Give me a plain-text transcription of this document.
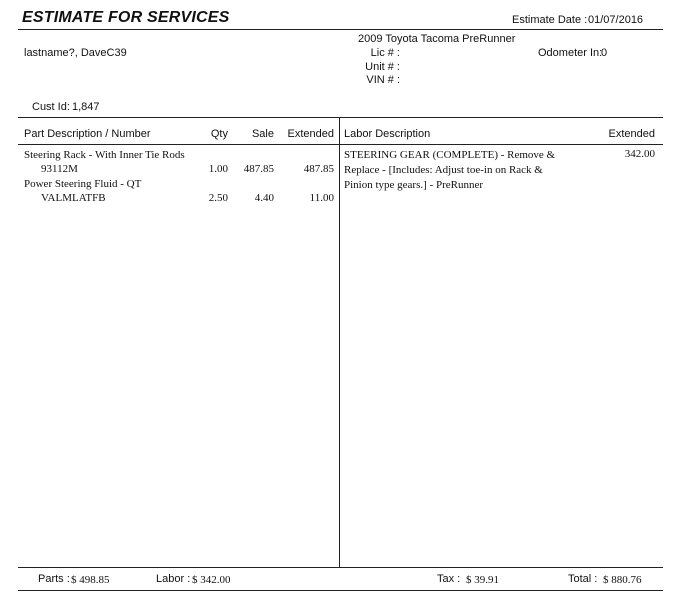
ESTIMATE FOR SERVICES	Estimate Date : 01/07/2016
lastname?, DaveC39
2009 Toyota Tacoma PreRunner
Lic # :
Unit # :
VIN # :
Odometer In:
0
Cust Id: 1,847
Part Description / Number	Qty	Sale	Extended Labor Description	Extended
Steering Rack - With Inner Tie Rods
93112M	1.00	487.85	487.85
Power Steering Fluid - QT
VALMLATFB	2.50	4.40	11.00
STEERING GEAR (COMPLETE) - Remove & Replace - [Includes: Adjust toe-in on Rack & Pinion type gears.] - PreRunner
342.00
Parts : $ 498.85	Labor : $ 342.00	Tax : $ 39.91	Total : $ 880.76
